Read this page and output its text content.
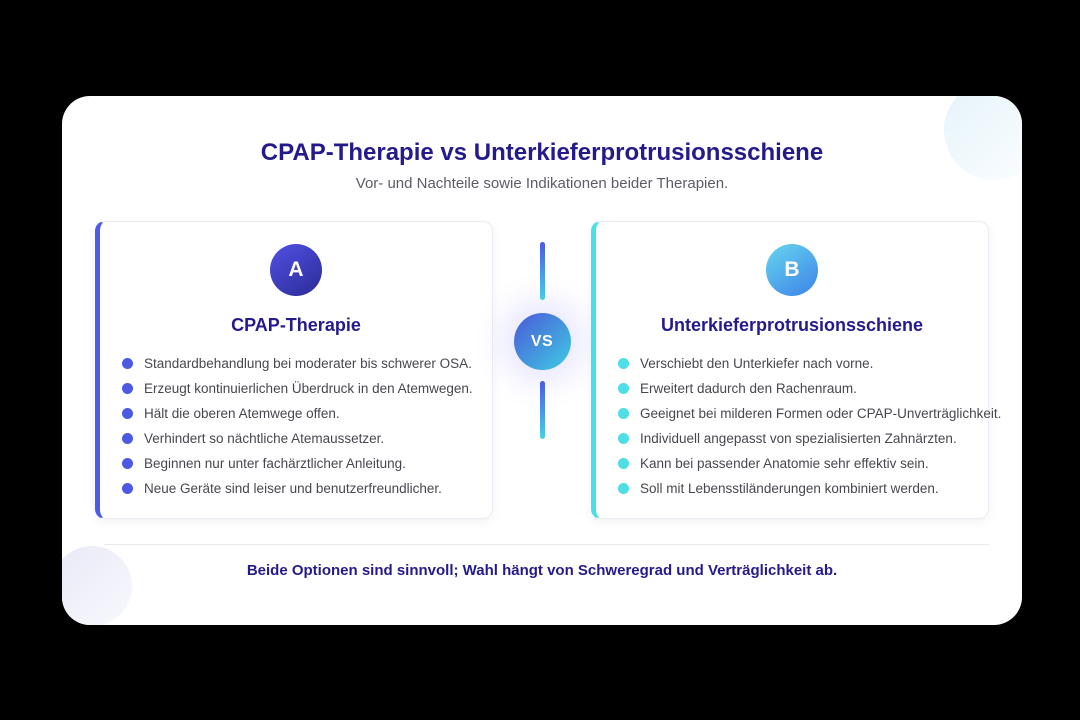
CPAP-Therapie vs Unterkieferprotrusionsschiene

Vor- und Nachteile sowie Indikationen beider Therapien.

A
CPAP-Therapie
Standardbehandlung bei moderater bis schwerer OSA.
Erzeugt kontinuierlichen Überdruck in den Atemwegen.
Hält die oberen Atemwege offen.
Verhindert so nächtliche Atemaussetzer.
Beginnen nur unter fachärztlicher Anleitung.
Neue Geräte sind leiser und benutzerfreundlicher.
VS
B
Unterkieferprotrusionsschiene
Verschiebt den Unterkiefer nach vorne.
Erweitert dadurch den Rachenraum.
Geeignet bei milderen Formen oder CPAP-Unverträglichkeit.
Individuell angepasst von spezialisierten Zahnärzten.
Kann bei passender Anatomie sehr effektiv sein.
Soll mit Lebensstiländerungen kombiniert werden.

Beide Optionen sind sinnvoll; Wahl hängt von Schweregrad und Verträglichkeit ab.
